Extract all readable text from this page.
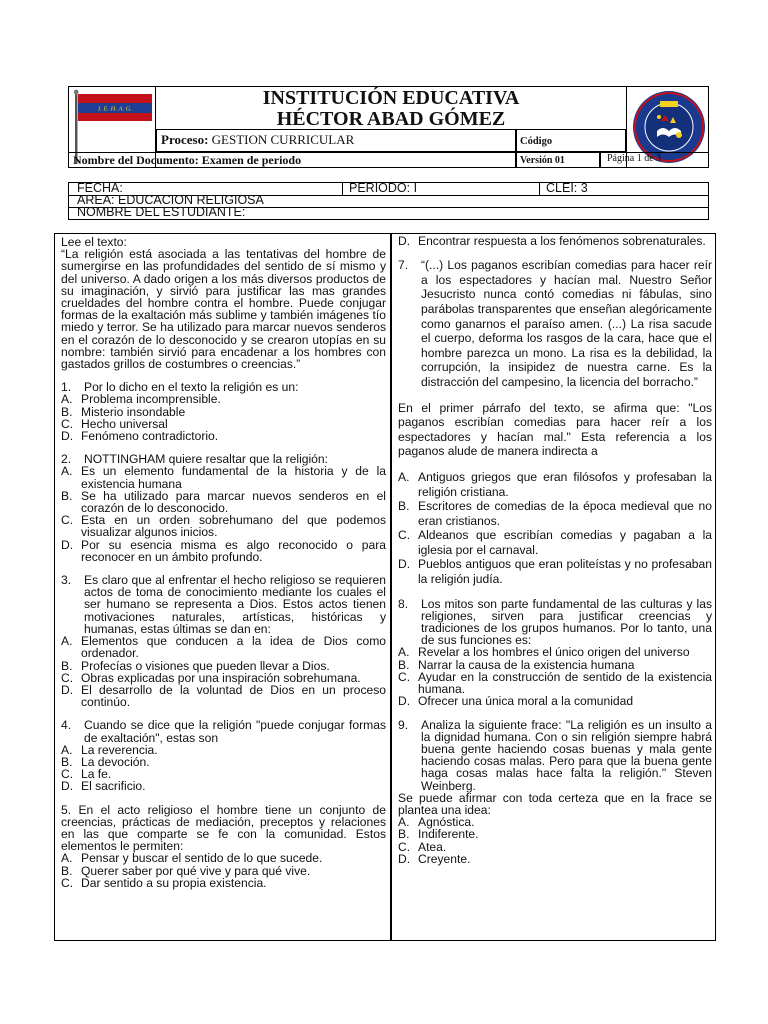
I. E. H. A. G.	INSTITUCIÓN EDUCATIVA
HÉCTOR ABAD GÓMEZ
Proceso: GESTION CURRICULAR	Código
Nombre del Documento: Examen de periodo	Versión 01	Página 1 de 3
FECHA:	PERIODO: I	CLEI: 3
AREA: EDUCACION RELIGIOSA
NOMBRE DEL ESTUDIANTE:

Lee el texto:

“La religión está asociada a las tentativas del hombre de sumergirse en las profundidades del sentido de sí mismo y del universo. A dado origen a los más diversos productos de su imaginación, y sirvió para justificar las mas grandes crueldades del hombre contra el hombre. Puede conjugar formas de la exaltación más sublime y también imágenes tío miedo y terror. Se ha utilizado para marcar nuevos senderos en el corazón de lo desconocido y se crearon utopías en su nombre: también sirvió para encadenar a los hombres con gastados grillos de costumbres o creencias.”

1. Por lo dicho en el texto la religión es un:

A. Problema incomprensible.
B. Misterio insondable
C. Hecho universal
D. Fenómeno contradictorio.

2. NOTTINGHAM quiere resaltar que la religión:

A. Es un elemento fundamental de la historia y de la existencia humana
B. Se ha utilizado para marcar nuevos senderos en el corazón de lo desconocido.
C. Esta en un orden sobrehumano del que podemos visualizar algunos inicios.
D. Por su esencia misma es algo reconocido o para reconocer en un ámbito profundo.

3. Es claro que al enfrentar el hecho religioso se requieren actos de toma de conocimiento mediante los cuales el ser humano se representa a Dios. Estos actos tienen motivaciones naturales, artísticas, históricas y humanas, estas últimas se dan en:

A. Elementos que conducen a la idea de Dios como ordenador.
B. Profecías o visiones que pueden llevar a Dios.
C. Obras explicadas por una inspiración sobrehumana.
D. El desarrollo de la voluntad de Dios en un proceso continúo.

4. Cuando se dice que la religión "puede conjugar formas de exaltación", estas son

A. La reverencia.
B. La devoción.
C. La fe.
D. El sacrificio.

5. En el acto religioso el hombre tiene un conjunto de creencias, prácticas de mediación, preceptos y relaciones en las que comparte se fe con la comunidad. Estos elementos le permiten:

A. Pensar y buscar el sentido de lo que sucede.
B. Querer saber por qué vive y para qué vive.
C. Dar sentido a su propia existencia.
D. Encontrar respuesta a los fenómenos sobrenaturales.

7. “(...) Los paganos escribían comedias para hacer reír a los espectadores y hacían mal. Nuestro Señor Jesucristo nunca contó comedias ni fábulas, sino parábolas transparentes que enseñan alegóricamente como ganarnos el paraíso amen. (...) La risa sacude el cuerpo, deforma los rasgos de la cara, hace que el hombre parezca un mono. La risa es la debilidad, la corrupción, la insipidez de nuestra carne. Es la distracción del campesino, la licencia del borracho.”

En el primer párrafo del texto, se afirma que: "Los paganos escribían comedias para hacer reír a los espectadores y hacían mal." Esta referencia a los paganos alude de manera indirecta a

A. Antiguos griegos que eran filósofos y profesaban la religión cristiana.
B. Escritores de comedias de la época medieval que no eran cristianos.
C. Aldeanos que escribían comedias y pagaban a la iglesia por el carnaval.
D. Pueblos antiguos que eran politeístas y no profesaban la religión judía.

8. Los mitos son parte fundamental de las culturas y las religiones, sirven para justificar creencias y tradiciones de los grupos humanos. Por lo tanto, una de sus funciones es:

A. Revelar a los hombres el único origen del universo
B. Narrar la causa de la existencia humana
C. Ayudar en la construcción de sentido de la existencia humana.
D. Ofrecer una única moral a la comunidad

9. Analiza la siguiente frace: "La religión es un insulto a la dignidad humana. Con o sin religión siempre habrá buena gente haciendo cosas buenas y mala gente haciendo cosas malas. Pero para que la buena gente haga cosas malas hace falta la religión." Steven Weinberg.

Se puede afirmar con toda certeza que en la frace se plantea una idea:

A. Agnóstica.
B. Indiferente.
C. Atea.
D. Creyente.
